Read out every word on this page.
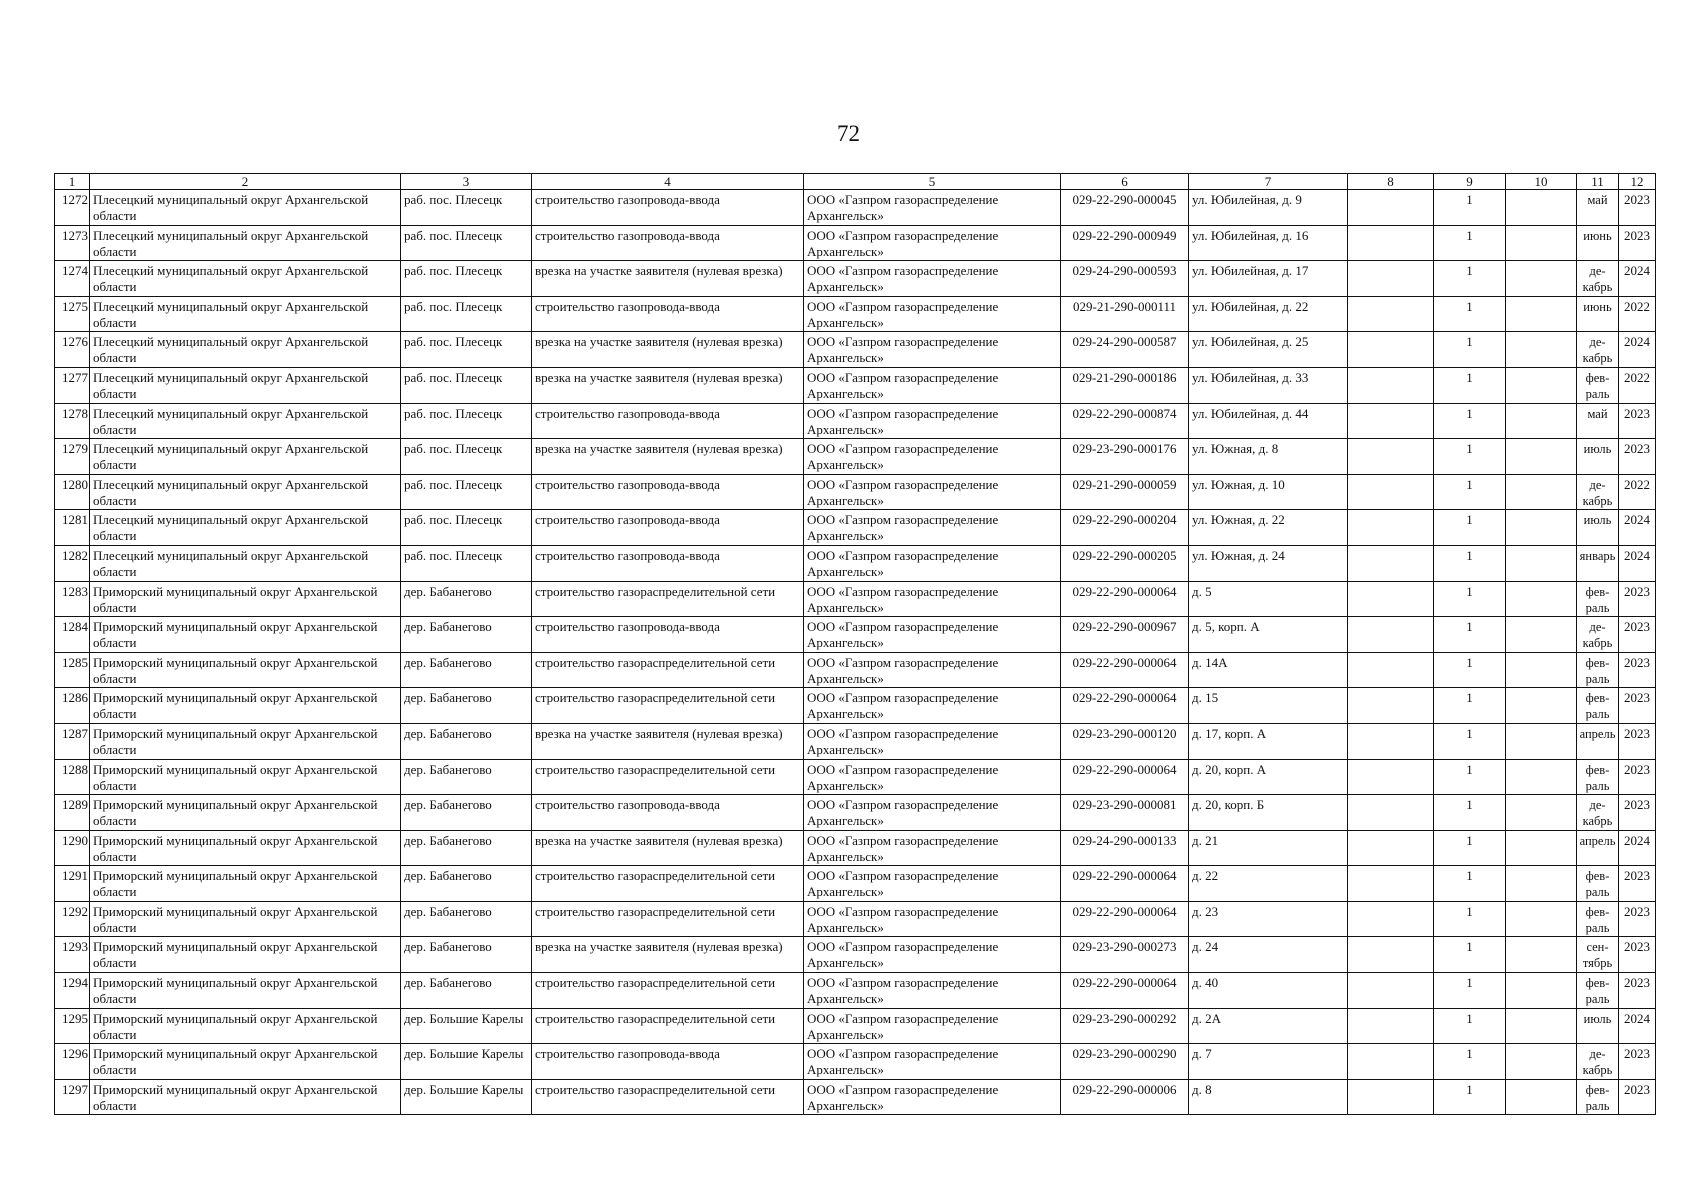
72
1	2	3	4	5	6	7	8	9	10	11	12
1272	Плесецкий муниципальный округ Архангельской области	раб. пос. Плесецк	строительство газопровода-ввода	ООО «Газпром газораспределение Архангельск»	029-22-290-000045	ул. Юбилейная, д. 9		1		май	2023
1273	Плесецкий муниципальный округ Архангельской области	раб. пос. Плесецк	строительство газопровода-ввода	ООО «Газпром газораспределение Архангельск»	029-22-290-000949	ул. Юбилейная, д. 16		1		июнь	2023
1274	Плесецкий муниципальный округ Архангельской области	раб. пос. Плесецк	врезка на участке заявителя (нулевая врезка)	ООО «Газпром газораспределение Архангельск»	029-24-290-000593	ул. Юбилейная, д. 17		1		де-кабрь	2024
1275	Плесецкий муниципальный округ Архангельской области	раб. пос. Плесецк	строительство газопровода-ввода	ООО «Газпром газораспределение Архангельск»	029-21-290-000111	ул. Юбилейная, д. 22		1		июнь	2022
1276	Плесецкий муниципальный округ Архангельской области	раб. пос. Плесецк	врезка на участке заявителя (нулевая врезка)	ООО «Газпром газораспределение Архангельск»	029-24-290-000587	ул. Юбилейная, д. 25		1		де-кабрь	2024
1277	Плесецкий муниципальный округ Архангельской области	раб. пос. Плесецк	врезка на участке заявителя (нулевая врезка)	ООО «Газпром газораспределение Архангельск»	029-21-290-000186	ул. Юбилейная, д. 33		1		фев-раль	2022
1278	Плесецкий муниципальный округ Архангельской области	раб. пос. Плесецк	строительство газопровода-ввода	ООО «Газпром газораспределение Архангельск»	029-22-290-000874	ул. Юбилейная, д. 44		1		май	2023
1279	Плесецкий муниципальный округ Архангельской области	раб. пос. Плесецк	врезка на участке заявителя (нулевая врезка)	ООО «Газпром газораспределение Архангельск»	029-23-290-000176	ул. Южная, д. 8		1		июль	2023
1280	Плесецкий муниципальный округ Архангельской области	раб. пос. Плесецк	строительство газопровода-ввода	ООО «Газпром газораспределение Архангельск»	029-21-290-000059	ул. Южная, д. 10		1		де-кабрь	2022
1281	Плесецкий муниципальный округ Архангельской области	раб. пос. Плесецк	строительство газопровода-ввода	ООО «Газпром газораспределение Архангельск»	029-22-290-000204	ул. Южная, д. 22		1		июль	2024
1282	Плесецкий муниципальный округ Архангельской области	раб. пос. Плесецк	строительство газопровода-ввода	ООО «Газпром газораспределение Архангельск»	029-22-290-000205	ул. Южная, д. 24		1		январь	2024
1283	Приморский муниципальный округ Архангельской области	дер. Бабанегово	строительство газораспределительной сети	ООО «Газпром газораспределение Архангельск»	029-22-290-000064	д. 5		1		фев-раль	2023
1284	Приморский муниципальный округ Архангельской области	дер. Бабанегово	строительство газопровода-ввода	ООО «Газпром газораспределение Архангельск»	029-22-290-000967	д. 5, корп. А		1		де-кабрь	2023
1285	Приморский муниципальный округ Архангельской области	дер. Бабанегово	строительство газораспределительной сети	ООО «Газпром газораспределение Архангельск»	029-22-290-000064	д. 14А		1		фев-раль	2023
1286	Приморский муниципальный округ Архангельской области	дер. Бабанегово	строительство газораспределительной сети	ООО «Газпром газораспределение Архангельск»	029-22-290-000064	д. 15		1		фев-раль	2023
1287	Приморский муниципальный округ Архангельской области	дер. Бабанегово	врезка на участке заявителя (нулевая врезка)	ООО «Газпром газораспределение Архангельск»	029-23-290-000120	д. 17, корп. А		1		апрель	2023
1288	Приморский муниципальный округ Архангельской области	дер. Бабанегово	строительство газораспределительной сети	ООО «Газпром газораспределение Архангельск»	029-22-290-000064	д. 20, корп. А		1		фев-раль	2023
1289	Приморский муниципальный округ Архангельской области	дер. Бабанегово	строительство газопровода-ввода	ООО «Газпром газораспределение Архангельск»	029-23-290-000081	д. 20, корп. Б		1		де-кабрь	2023
1290	Приморский муниципальный округ Архангельской области	дер. Бабанегово	врезка на участке заявителя (нулевая врезка)	ООО «Газпром газораспределение Архангельск»	029-24-290-000133	д. 21		1		апрель	2024
1291	Приморский муниципальный округ Архангельской области	дер. Бабанегово	строительство газораспределительной сети	ООО «Газпром газораспределение Архангельск»	029-22-290-000064	д. 22		1		фев-раль	2023
1292	Приморский муниципальный округ Архангельской области	дер. Бабанегово	строительство газораспределительной сети	ООО «Газпром газораспределение Архангельск»	029-22-290-000064	д. 23		1		фев-раль	2023
1293	Приморский муниципальный округ Архангельской области	дер. Бабанегово	врезка на участке заявителя (нулевая врезка)	ООО «Газпром газораспределение Архангельск»	029-23-290-000273	д. 24		1		сен-тябрь	2023
1294	Приморский муниципальный округ Архангельской области	дер. Бабанегово	строительство газораспределительной сети	ООО «Газпром газораспределение Архангельск»	029-22-290-000064	д. 40		1		фев-раль	2023
1295	Приморский муниципальный округ Архангельской области	дер. Большие Карелы	строительство газораспределительной сети	ООО «Газпром газораспределение Архангельск»	029-23-290-000292	д. 2А		1		июль	2024
1296	Приморский муниципальный округ Архангельской области	дер. Большие Карелы	строительство газопровода-ввода	ООО «Газпром газораспределение Архангельск»	029-23-290-000290	д. 7		1		де-кабрь	2023
1297	Приморский муниципальный округ Архангельской области	дер. Большие Карелы	строительство газораспределительной сети	ООО «Газпром газораспределение Архангельск»	029-22-290-000006	д. 8		1		фев-раль	2023
